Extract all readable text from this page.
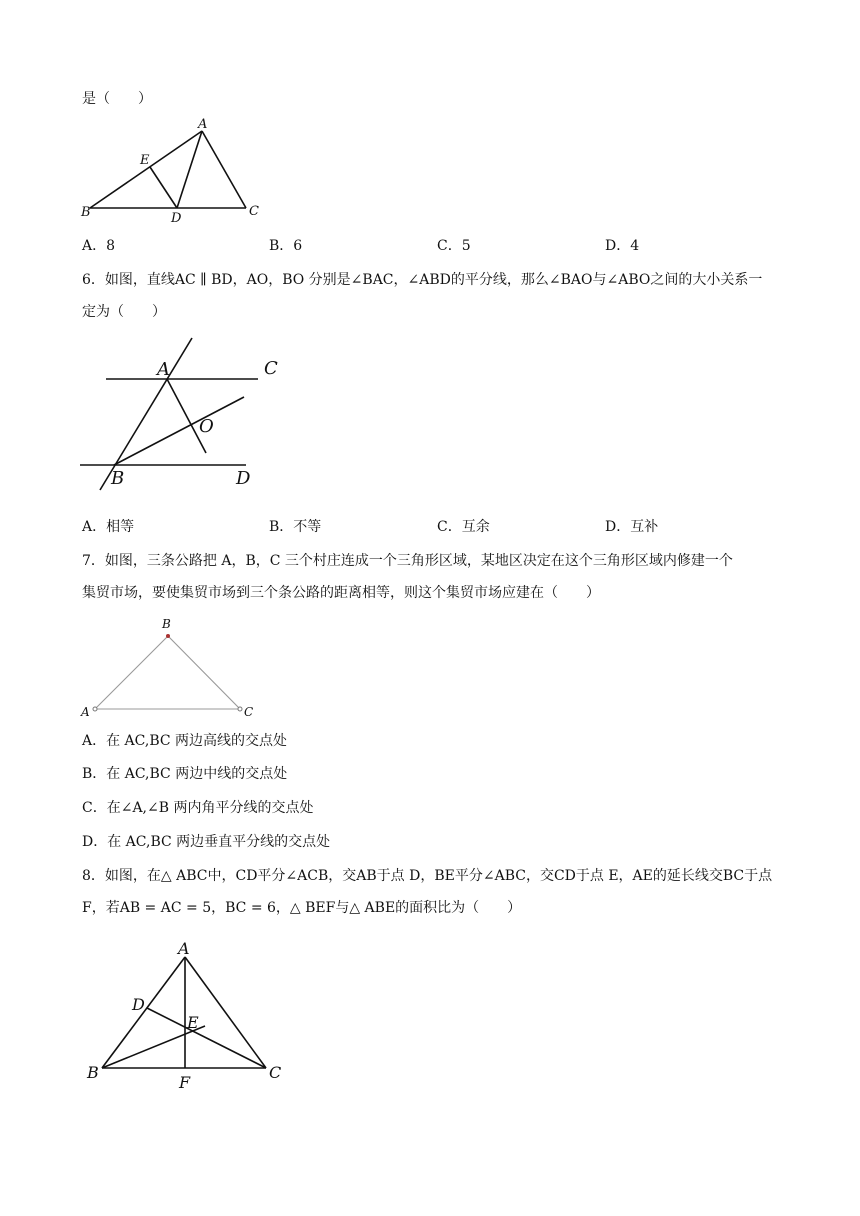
是（　　）
A
E
B	D	C
A．8	B．6	C．5	D．4
6．如图，直线AC ∥ BD，AO，BO 分别是∠BAC，∠ABD的平分线，那么∠BAO与∠ABO之间的大小关系一
定为（　　）
A	C
O
B	D
A．相等	B．不等	C．互余	D．互补
7．如图，三条公路把 A，B，C 三个村庄连成一个三角形区域，某地区决定在这个三角形区域内修建一个
集贸市场，要使集贸市场到三个条公路的距离相等，则这个集贸市场应建在（　　）
B
A	C
A．在 AC,BC 两边高线的交点处
B．在 AC,BC 两边中线的交点处
C．在∠A,∠B 两内角平分线的交点处
D．在 AC,BC 两边垂直平分线的交点处
8．如图，在△ ABC中，CD平分∠ACB，交AB于点 D，BE平分∠ABC，交CD于点 E，AE的延长线交BC于点
F，若AB = AC = 5，BC = 6，△ BEF与△ ABE的面积比为（　　）
A
D
E
B
F
C
